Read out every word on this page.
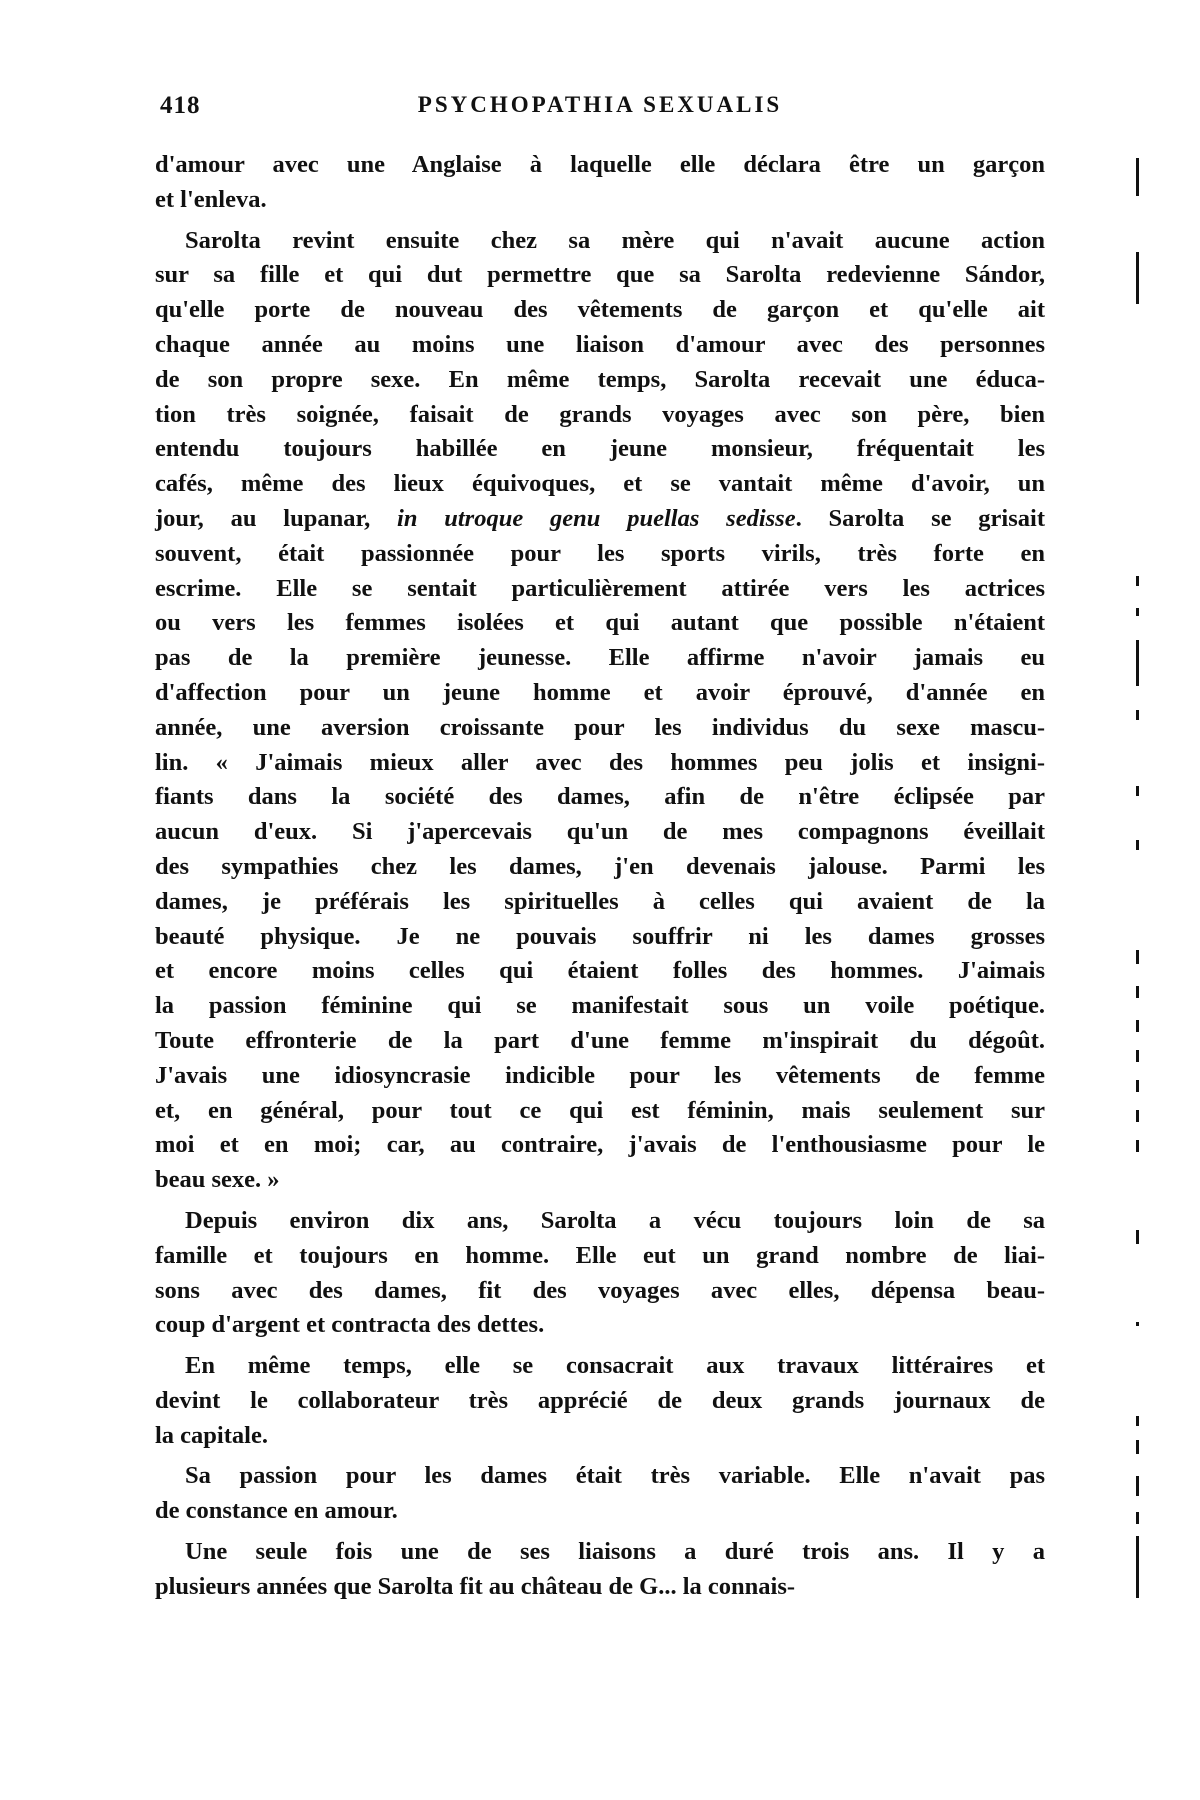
418	PSYCHOPATHIA SEXUALIS
d'amour avec une Anglaise à laquelle elle déclara être un garçon
et l'enleva.
Sarolta revint ensuite chez sa mère qui n'avait aucune action
sur sa fille et qui dut permettre que sa Sarolta redevienne Sándor,
qu'elle porte de nouveau des vêtements de garçon et qu'elle ait
chaque année au moins une liaison d'amour avec des personnes
de son propre sexe. En même temps, Sarolta recevait une éduca-
tion très soignée, faisait de grands voyages avec son père, bien
entendu toujours habillée en jeune monsieur, fréquentait les
cafés, même des lieux équivoques, et se vantait même d'avoir, un
jour, au lupanar, in utroque genu puellas sedisse. Sarolta se grisait
souvent, était passionnée pour les sports virils, très forte en
escrime. Elle se sentait particulièrement attirée vers les actrices
ou vers les femmes isolées et qui autant que possible n'étaient
pas de la première jeunesse. Elle affirme n'avoir jamais eu
d'affection pour un jeune homme et avoir éprouvé, d'année en
année, une aversion croissante pour les individus du sexe mascu-
lin. « J'aimais mieux aller avec des hommes peu jolis et insigni-
fiants dans la société des dames, afin de n'être éclipsée par
aucun d'eux. Si j'apercevais qu'un de mes compagnons éveillait
des sympathies chez les dames, j'en devenais jalouse. Parmi les
dames, je préférais les spirituelles à celles qui avaient de la
beauté physique. Je ne pouvais souffrir ni les dames grosses
et encore moins celles qui étaient folles des hommes. J'aimais
la passion féminine qui se manifestait sous un voile poétique.
Toute effronterie de la part d'une femme m'inspirait du dégoût.
J'avais une idiosyncrasie indicible pour les vêtements de femme
et, en général, pour tout ce qui est féminin, mais seulement sur
moi et en moi; car, au contraire, j'avais de l'enthousiasme pour le
beau sexe. »
Depuis environ dix ans, Sarolta a vécu toujours loin de sa
famille et toujours en homme. Elle eut un grand nombre de liai-
sons avec des dames, fit des voyages avec elles, dépensa beau-
coup d'argent et contracta des dettes.
En même temps, elle se consacrait aux travaux littéraires et
devint le collaborateur très apprécié de deux grands journaux de
la capitale.
Sa passion pour les dames était très variable. Elle n'avait pas
de constance en amour.
Une seule fois une de ses liaisons a duré trois ans. Il y a
plusieurs années que Sarolta fit au château de G... la connais-
